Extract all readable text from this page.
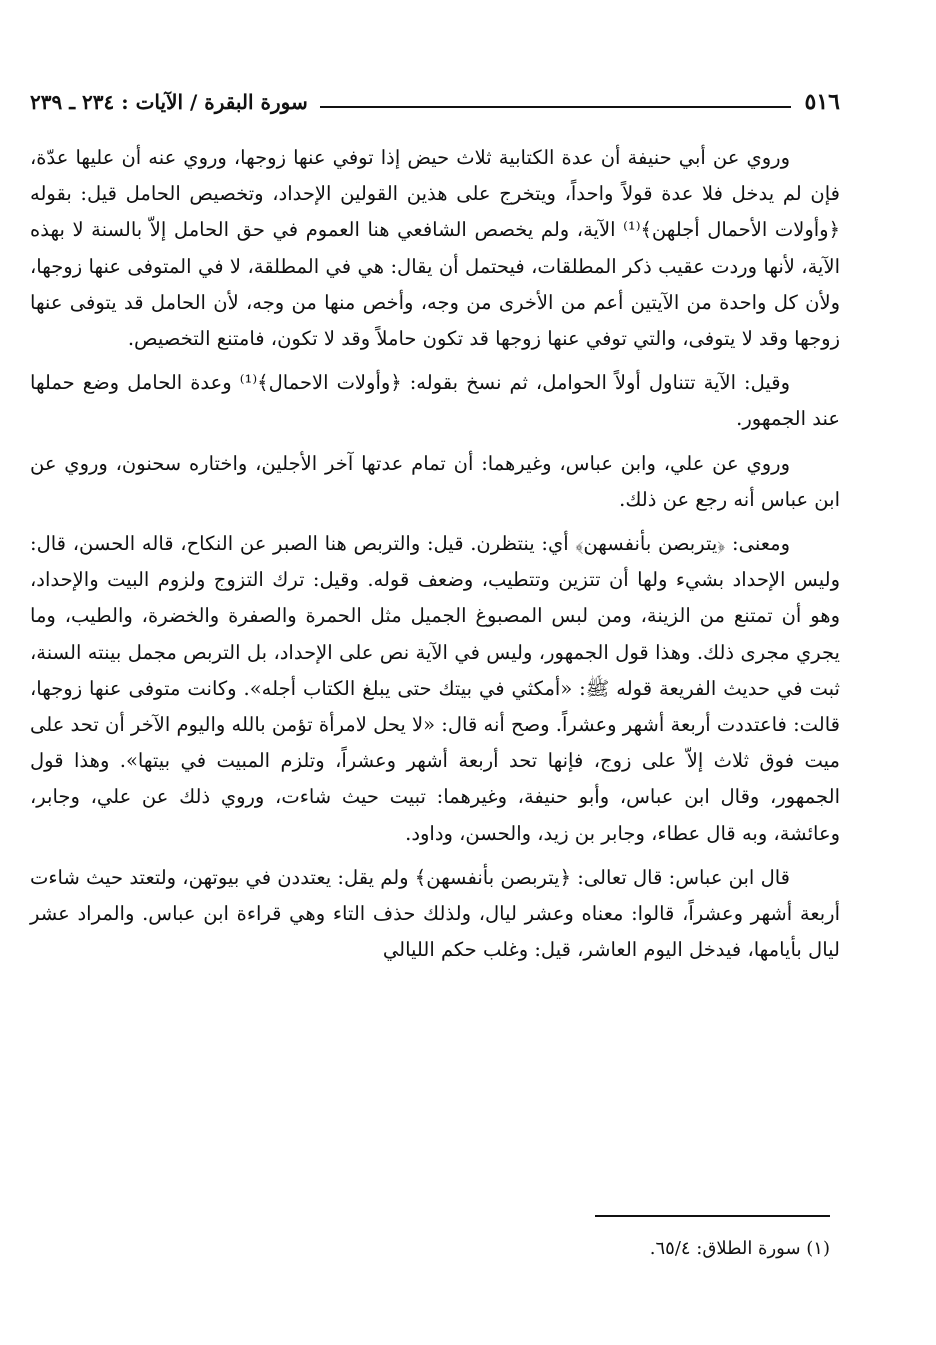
٥١٦
سورة البقرة / الآيات : ٢٣٤ ـ ٢٣٩

وروي عن أبي حنيفة أن عدة الكتابية ثلاث حيض إذا توفي عنها زوجها، وروي عنه أن عليها عدّة، فإن لم يدخل فلا عدة قولاً واحداً، ويتخرج على هذين القولين الإحداد، وتخصيص الحامل قيل: بقوله ﴿وأولات الأحمال أجلهن﴾⁽¹⁾ الآية، ولم يخصص الشافعي هنا العموم في حق الحامل إلاّ بالسنة لا بهذه الآية، لأنها وردت عقيب ذكر المطلقات، فيحتمل أن يقال: هي في المطلقة، لا في المتوفى عنها زوجها، ولأن كل واحدة من الآيتين أعم من الأخرى من وجه، وأخص منها من وجه، لأن الحامل قد يتوفى عنها زوجها وقد لا يتوفى، والتي توفي عنها زوجها قد تكون حاملاً وقد لا تكون، فامتنع التخصيص.

وقيل: الآية تتناول أولاً الحوامل، ثم نسخ بقوله: ﴿وأولات الاحمال﴾⁽¹⁾ وعدة الحامل وضع حملها عند الجمهور.

وروي عن علي، وابن عباس، وغيرهما: أن تمام عدتها آخر الأجلين، واختاره سحنون، وروي عن ابن عباس أنه رجع عن ذلك.

ومعنى: ﴿يتربصن بأنفسهن﴾ أي: ينتظرن. قيل: والتربص هنا الصبر عن النكاح، قاله الحسن، قال: وليس الإحداد بشيء ولها أن تتزين وتتطيب، وضعف قوله. وقيل: ترك التزوج ولزوم البيت والإحداد، وهو أن تمتنع من الزينة، ومن لبس المصبوغ الجميل مثل الحمرة والصفرة والخضرة، والطيب، وما يجري مجرى ذلك. وهذا قول الجمهور، وليس في الآية نص على الإحداد، بل التربص مجمل بينته السنة، ثبت في حديث الفريعة قوله ﷺ: «أمكثي في بيتك حتى يبلغ الكتاب أجله». وكانت متوفى عنها زوجها، قالت: فاعتددت أربعة أشهر وعشراً. وصح أنه قال: «لا يحل لامرأة تؤمن بالله واليوم الآخر أن تحد على ميت فوق ثلاث إلاّ على زوج، فإنها تحد أربعة أشهر وعشراً، وتلزم المبيت في بيتها». وهذا قول الجمهور، وقال ابن عباس، وأبو حنيفة، وغيرهما: تبيت حيث شاءت، وروي ذلك عن علي، وجابر، وعائشة، وبه قال عطاء، وجابر بن زيد، والحسن، وداود.

قال ابن عباس: قال تعالى: ﴿يتربصن بأنفسهن﴾ ولم يقل: يعتددن في بيوتهن، ولتعتد حيث شاءت أربعة أشهر وعشراً، قالوا: معناه وعشر ليال، ولذلك حذف التاء وهي قراءة ابن عباس. والمراد عشر ليال بأيامها، فيدخل اليوم العاشر، قيل: وغلب حكم الليالي

(١) سورة الطلاق: ٦٥/٤.
